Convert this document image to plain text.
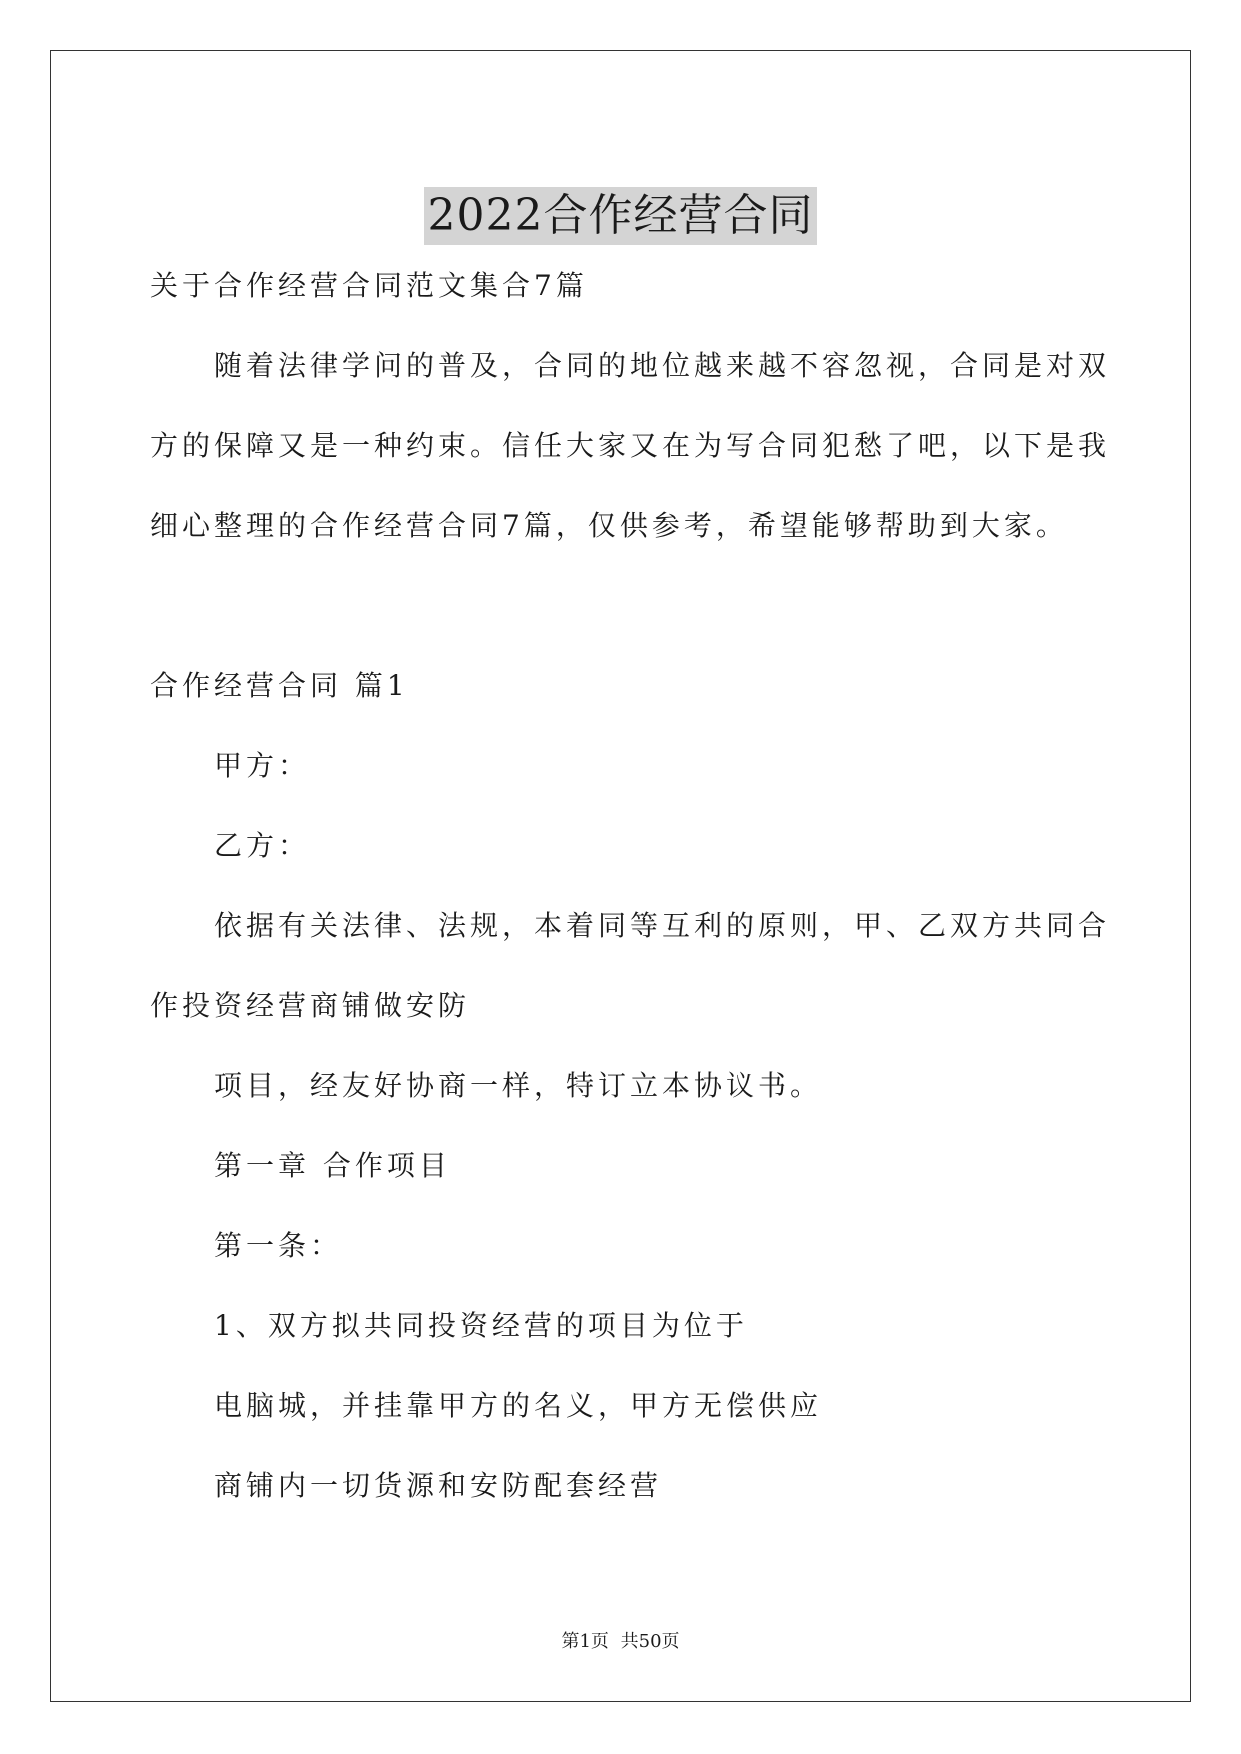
2022合作经营合同
关于合作经营合同范文集合7篇
随着法律学问的普及，合同的地位越来越不容忽视，合同是对双
方的保障又是一种约束。信任大家又在为写合同犯愁了吧，以下是我
细心整理的合作经营合同7篇，仅供参考，希望能够帮助到大家。
合作经营合同 篇1
甲方：
乙方：
依据有关法律、法规，本着同等互利的原则，甲、乙双方共同合
作投资经营商铺做安防
项目，经友好协商一样，特订立本协议书。
第一章 合作项目
第一条：
1、双方拟共同投资经营的项目为位于
电脑城，并挂靠甲方的名义，甲方无偿供应
商铺内一切货源和安防配套经营
第1页 共50页
